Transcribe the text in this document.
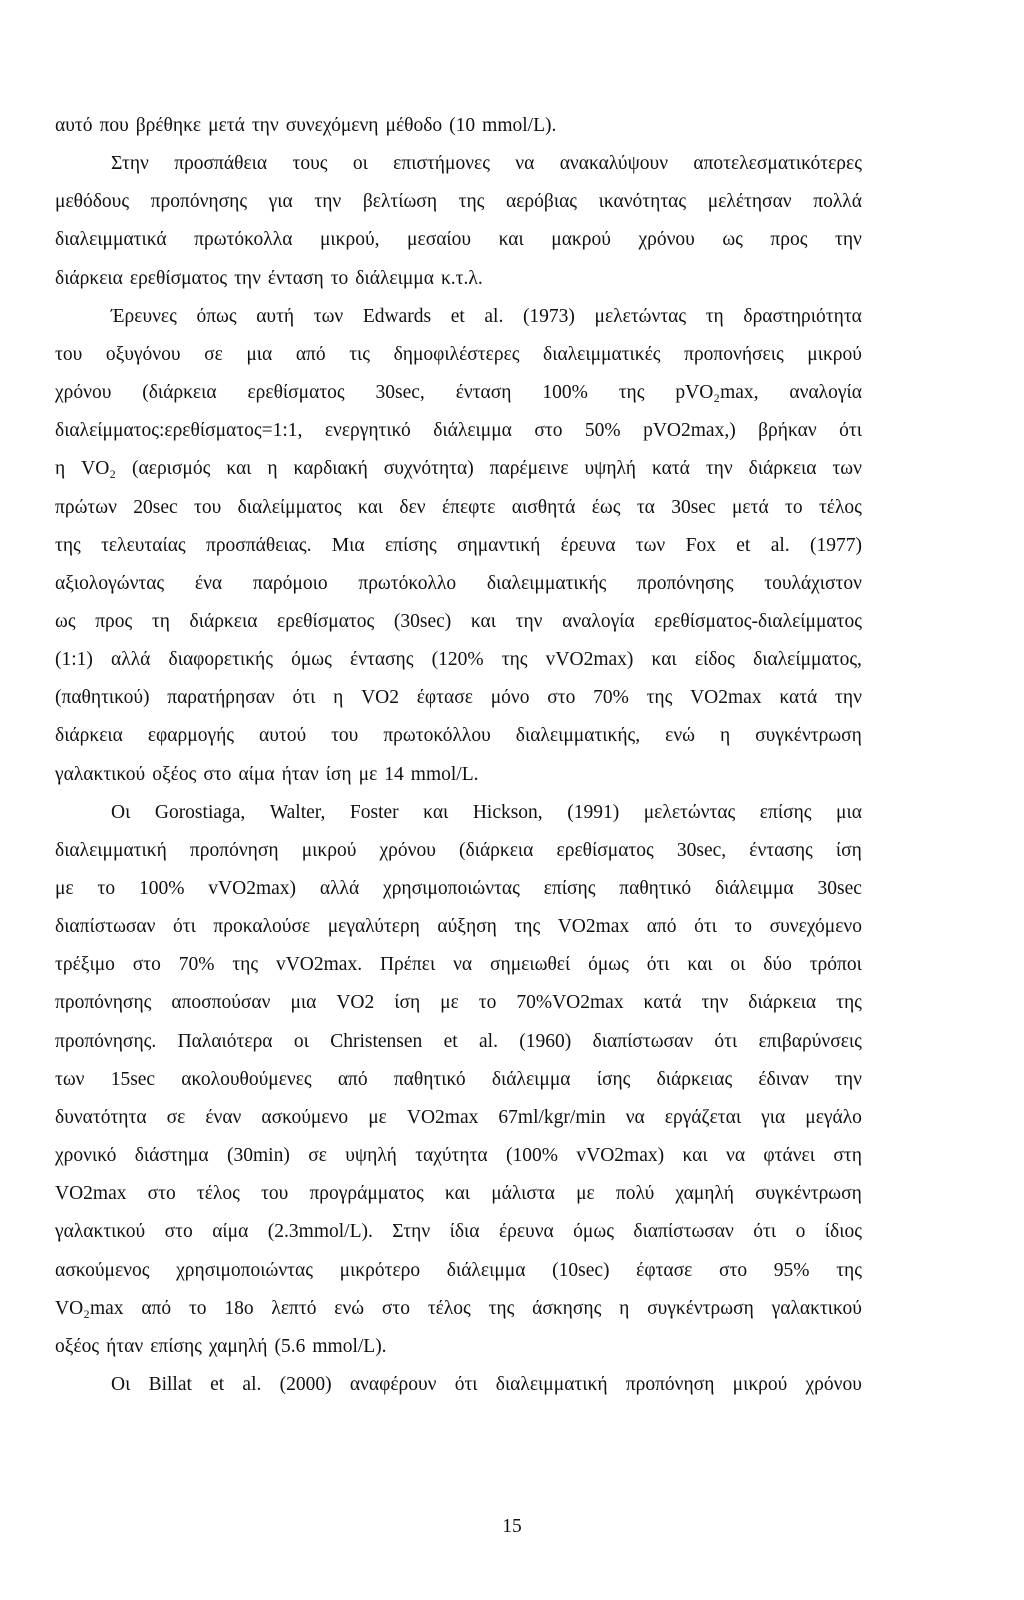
αυτό που βρέθηκε μετά την συνεχόμενη μέθοδο (10 mmol/L).
Στην προσπάθεια τους οι επιστήμονες να ανακαλύψουν αποτελεσματικότερες
μεθόδους προπόνησης για την βελτίωση της αερόβιας ικανότητας μελέτησαν πολλά
διαλειμματικά πρωτόκολλα μικρού, μεσαίου και μακρού χρόνου ως προς την
διάρκεια ερεθίσματος την ένταση το διάλειμμα κ.τ.λ.
Έρευνες όπως αυτή των Edwards et al. (1973) μελετώντας τη δραστηριότητα
του οξυγόνου σε μια από τις δημοφιλέστερες διαλειμματικές προπονήσεις μικρού
χρόνου (διάρκεια ερεθίσματος 30sec, ένταση 100% της pVO₂max, αναλογία
διαλείμματος:ερεθίσματος=1:1, ενεργητικό διάλειμμα στο 50% pVO2max,) βρήκαν ότι
η VO₂ (αερισμός και η καρδιακή συχνότητα) παρέμεινε υψηλή κατά την διάρκεια των
πρώτων 20sec του διαλείμματος και δεν έπεφτε αισθητά έως τα 30sec μετά το τέλος
της τελευταίας προσπάθειας. Μια επίσης σημαντική έρευνα των Fox et al. (1977)
αξιολογώντας ένα παρόμοιο πρωτόκολλο διαλειμματικής προπόνησης τουλάχιστον
ως προς τη διάρκεια ερεθίσματος (30sec) και την αναλογία ερεθίσματος-διαλείμματος
(1:1) αλλά διαφορετικής όμως έντασης (120% της vVO2max) και είδος διαλείμματος,
(παθητικού) παρατήρησαν ότι η VO2 έφτασε μόνο στο 70% της VO2max κατά την
διάρκεια εφαρμογής αυτού του πρωτοκόλλου διαλειμματικής, ενώ η συγκέντρωση
γαλακτικού οξέος στο αίμα ήταν ίση με 14 mmol/L.
Οι Gorostiaga, Walter, Foster και Hickson, (1991) μελετώντας επίσης μια
διαλειμματική προπόνηση μικρού χρόνου (διάρκεια ερεθίσματος 30sec, έντασης ίση
με το 100% vVO2max) αλλά χρησιμοποιώντας επίσης παθητικό διάλειμμα 30sec
διαπίστωσαν ότι προκαλούσε μεγαλύτερη αύξηση της VO2max από ότι το συνεχόμενο
τρέξιμο στο 70% της vVO2max. Πρέπει να σημειωθεί όμως ότι και οι δύο τρόποι
προπόνησης αποσπούσαν μια VO2 ίση με το 70%VO2max κατά την διάρκεια της
προπόνησης. Παλαιότερα οι Christensen et al. (1960) διαπίστωσαν ότι επιβαρύνσεις
των 15sec ακολουθούμενες από παθητικό διάλειμμα ίσης διάρκειας έδιναν την
δυνατότητα σε έναν ασκούμενο με VO2max 67ml/kgr/min να εργάζεται για μεγάλο
χρονικό διάστημα (30min) σε υψηλή ταχύτητα (100% vVO2max) και να φτάνει στη
VO2max στο τέλος του προγράμματος και μάλιστα με πολύ χαμηλή συγκέντρωση
γαλακτικού στο αίμα (2.3mmol/L). Στην ίδια έρευνα όμως διαπίστωσαν ότι ο ίδιος
ασκούμενος χρησιμοποιώντας μικρότερο διάλειμμα (10sec) έφτασε στο 95% της
VO₂max από το 18ο λεπτό ενώ στο τέλος της άσκησης η συγκέντρωση γαλακτικού
οξέος ήταν επίσης χαμηλή (5.6 mmol/L).
Οι Billat et al. (2000) αναφέρουν ότι διαλειμματική προπόνηση μικρού χρόνου
15
